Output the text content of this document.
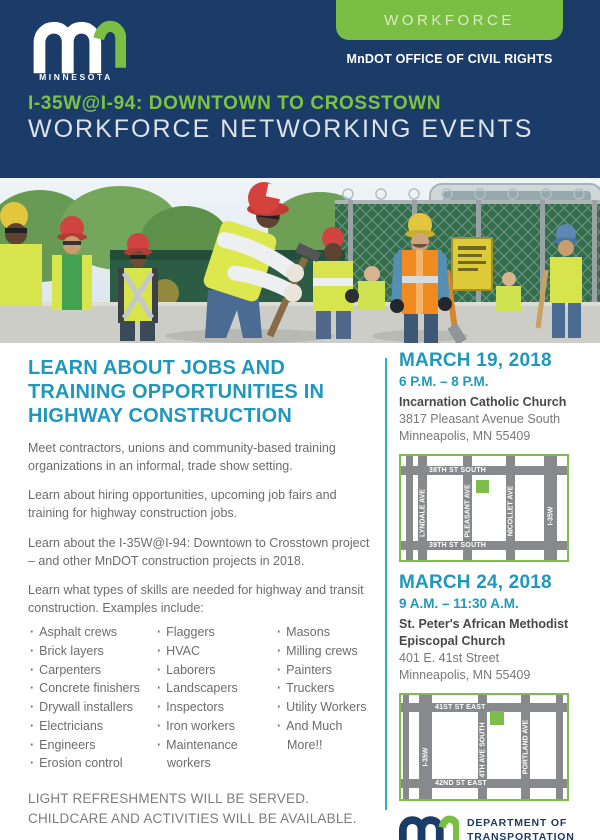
MINNESOTA
WORKFORCE
MnDOT OFFICE OF CIVIL RIGHTS
I-35W@I-94: DOWNTOWN TO CROSSTOWN
WORKFORCE NETWORKING EVENTS
LEARN ABOUT JOBS AND TRAINING OPPORTUNITIES IN HIGHWAY CONSTRUCTION

Meet contractors, unions and community-based training organizations in an informal, trade show setting.

Learn about hiring opportunities, upcoming job fairs and training for highway construction jobs.

Learn about the I-35W@I-94: Downtown to Crosstown project – and other MnDOT construction projects in 2018.

Learn what types of skills are needed for highway and transit construction. Examples include:

· Asphalt crews
· Brick layers
· Carpenters
· Concrete finishers
· Drywall installers
· Electricians
· Engineers
· Erosion control
· Flaggers
· HVAC
· Laborers
· Landscapers
· Inspectors
· Iron workers
· Maintenance workers
· Masons
· Milling crews
· Painters
· Truckers
· Utility Workers
· And Much More!!
LIGHT REFRESHMENTS WILL BE SERVED.
CHILDCARE AND ACTIVITIES WILL BE AVAILABLE.
MARCH 19, 2018
6 P.M. – 8 P.M.
Incarnation Catholic Church
3817 Pleasant Avenue South
Minneapolis, MN 55409
38TH ST SOUTH
39TH ST SOUTH
LYNDALE AVE	PLEASANT AVE	NICOLLET AVE	I-35W
MARCH 24, 2018
9 A.M. – 11:30 A.M.
St. Peter's African Methodist
Episcopal Church
401 E. 41st Street
Minneapolis, MN 55409
41ST ST EAST
42ND ST EAST
I-35W	4TH AVE SOUTH	PORTLAND AVE
DEPARTMENT OF
TRANSPORTATION
